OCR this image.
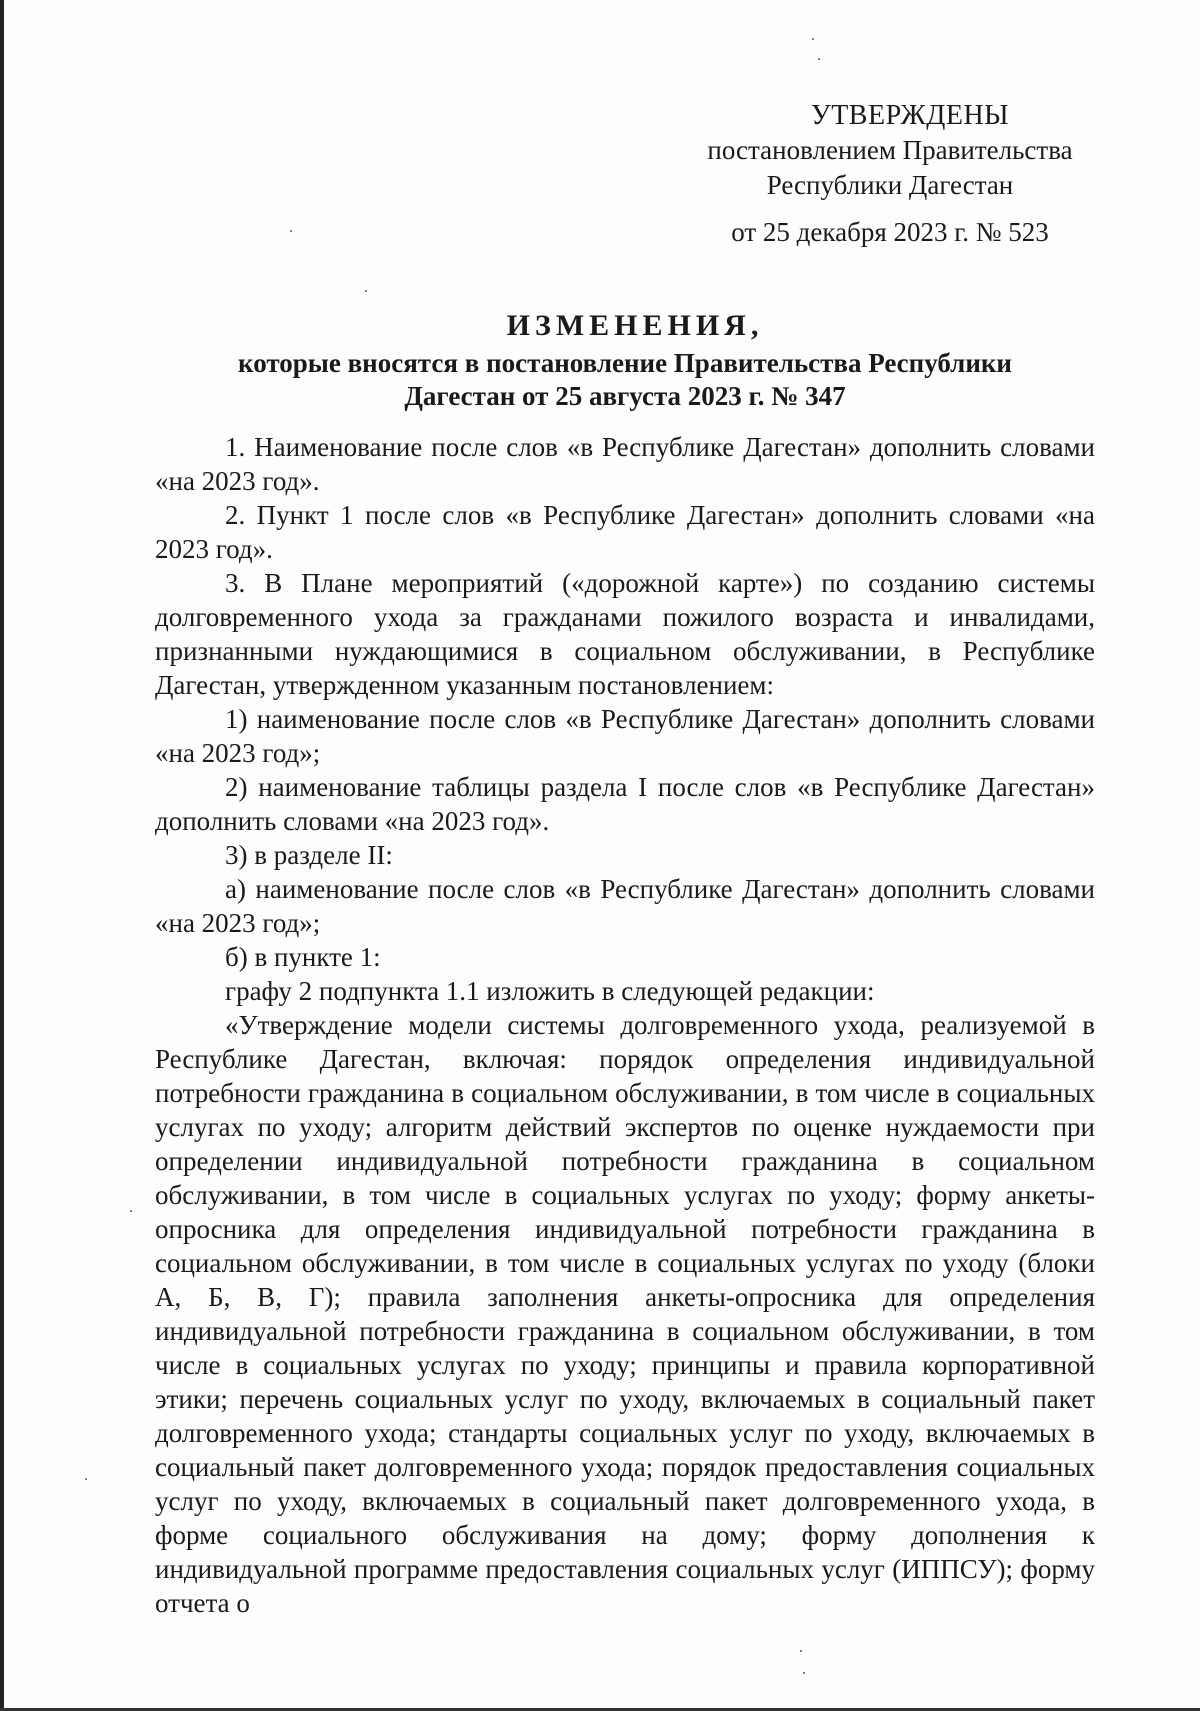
УТВЕРЖДЕНЫ
постановлением Правительства
Республики Дагестан
от 25 декабря 2023 г. № 523
ИЗМЕНЕНИЯ,
которые вносятся в постановление Правительства Республики
Дагестан от 25 августа 2023 г. № 347

1. Наименование после слов «в Республике Дагестан» дополнить словами «на 2023 год».

2. Пункт 1 после слов «в Республике Дагестан» дополнить словами «на 2023 год».

3. В Плане мероприятий («дорожной карте») по созданию системы долговременного ухода за гражданами пожилого возраста и инвалидами, признанными нуждающимися в социальном обслуживании, в Республике Дагестан, утвержденном указанным постановлением:

1) наименование после слов «в Республике Дагестан» дополнить словами «на 2023 год»;

2) наименование таблицы раздела I после слов «в Республике Дагестан» дополнить словами «на 2023 год».

3) в разделе II:

а) наименование после слов «в Республике Дагестан» дополнить словами «на 2023 год»;

б) в пункте 1:

графу 2 подпункта 1.1 изложить в следующей редакции:

«Утверждение модели системы долговременного ухода, реализуемой в Республике Дагестан, включая: порядок определения индивидуальной потребности гражданина в социальном обслуживании, в том числе в социальных услугах по уходу; алгоритм действий экспертов по оценке нуждаемости при определении индивидуальной потребности гражданина в социальном обслуживании, в том числе в социальных услугах по уходу; форму анкеты-опросника для определения индивидуальной потребности гражданина в социальном обслуживании, в том числе в социальных услугах по уходу (блоки А, Б, В, Г); правила заполнения анкеты-опросника для определения индивидуальной потребности гражданина в социальном обслуживании, в том числе в социальных услугах по уходу; принципы и правила корпоративной этики; перечень социальных услуг по уходу, включаемых в социальный пакет долговременного ухода; стандарты социальных услуг по уходу, включаемых в социальный пакет долговременного ухода; порядок предоставления социальных услуг по уходу, включаемых в социальный пакет долговременного ухода, в форме социального обслуживания на дому; форму дополнения к индивидуальной программе предоставления социальных услуг (ИППСУ); форму отчета о
